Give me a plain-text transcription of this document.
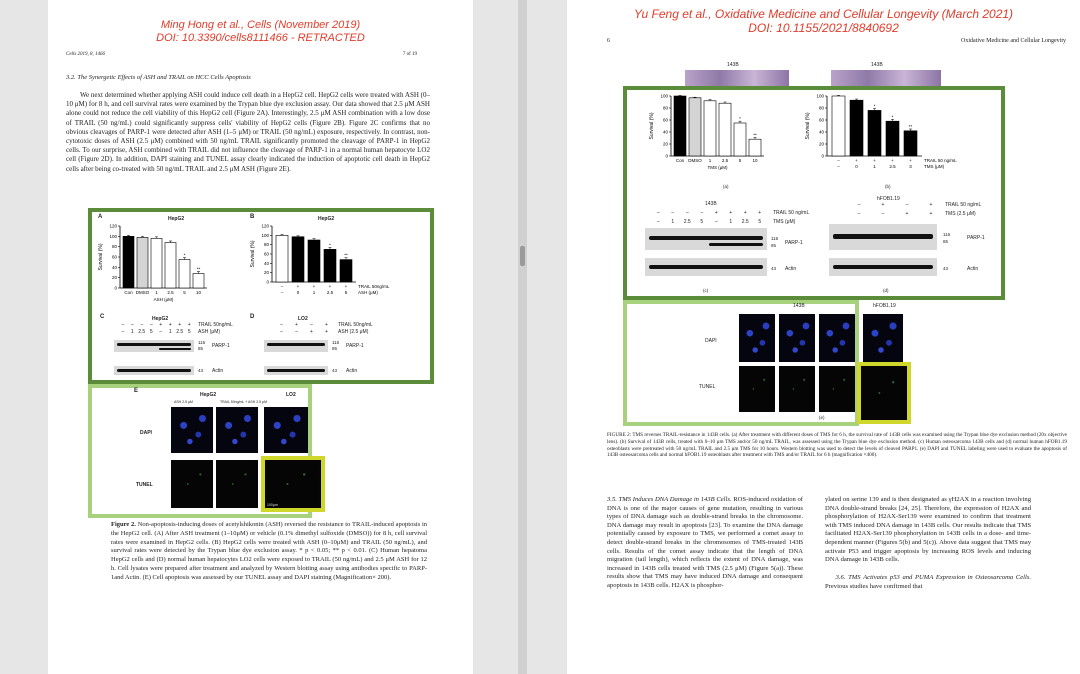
Ming Hong et al., Cells (November 2019)
DOI: 10.3390/cells8111466 - RETRACTED
Cells 2019, 8, 1466	7 of 19
3.2. The Synergetic Effects of ASH and TRAIL on HCC Cells Apoptosis
We next determined whether applying ASH could induce cell death in a HepG2 cell. HepG2 cells were treated with ASH (0–10 μM) for 8 h, and cell survival rates were examined by the Trypan blue dye exclusion assay. Our data showed that 2.5 μM ASH alone could not reduce the cell viability of this HepG2 cell (Figure 2A). Interestingly, 2.5 μM ASH combination with a low dose of TRAIL (50 ng/mL) could significantly suppress cells' viability of HepG2 cells (Figure 2B). Figure 2C confirms that no obvious cleavages of PARP-1 were detected after ASH (1–5 μM) or TRAIL (50 ng/mL) exposure, respectively. In contrast, non-cytotoxic doses of ASH (2.5 μM) combined with 50 ng/mL TRAIL significantly promoted the cleavage of PARP-1 in HepG2 cells. To our surprise, ASH combined with TRAIL did not influence the cleavage of PARP-1 in a normal human hepatocyte LO2 cell (Figure 2D). In addition, DAPI staining and TUNEL assay clearly indicated the induction of apoptotic cell death in HepG2 cells after being co-treated with 50 ng/mL TRAIL and 2.5 μM ASH (Figure 2E).
A	B
HepG2	HepG2
0
20
40
60
80
100
120
Survival (%)
Con DMSO 1 2.5
*
5
**
10
ASH (μM)
0
20
40
60
80
100
120
Survival (%)
–
–
+
0
+
1
*
+
2.5
**
+
5
TRAIL 50ng/mL
ASH (μM)
C	D
HepG2	LO2
TRAIL 50ng/mL
ASH (μM)
–	–	–	–	+	+	+	+
–	1 2.5 5	–	1 2.5 5
116
85 PARP-1
43 Actin
TRAIL 50ng/mL
ASH (2.5 μM)
–	+	–	+
–	–	+	+
116
85 PARP-1
43 Actin
E
HepG2	LO2
ASH 2.5 μM	TRAIL 50ng/mL + ASH 2.5 μM
DAPI
TUNEL
100μm
Figure 2. Non-apoptosis-inducing doses of acetylshikonin (ASH) reversed the resistance to TRAIL-induced apoptosis in the HepG2 cell. (A) After ASH treatment (1–10μM) or vehicle (0.1% dimethyl sulfoxide (DMSO)) for 8 h, cell survival rates were examined in HepG2 cells. (B) HepG2 cells were treated with ASH (0–10μM) and TRAIL (50 ng/mL), and survival rates were detected by the Trypan blue dye exclusion assay. * p < 0.05; ** p < 0.01. (C) Human hepatoma HepG2 cells and (D) normal human hepatocytes LO2 cells were exposed to TRAIL (50 ng/mL) and 2.5 μM ASH for 12 h. Cell lysates were prepared after treatment and analyzed by Western blotting assay using antibodies specific to PARP-1and Actin. (E) Cell apoptosis was assessed by our TUNEL assay and DAPI staining (Magnification× 200).
Yu Feng et al., Oxidative Medicine and Cellular Longevity (March 2021)
DOI: 10.1155/2021/8840692
6	Oxidative Medicine and Cellular Longevity
143B	143B
0
20
40
60
80
100
Survival (%)
Con DMSO 1 2.5
*
5
**
10
TMS (μM)
0
20
40
60
80
100
Survival (%)
–
–
+
0
*
+
1
*
+
2.5
**
+
3
TRAIL 50 ng/mL
TMS (μM)
(a)	(b)
143B
TRAIL 50 ng/mL
TMS (μM)
–	–	–	–	+	+	+	+
–	1	2.5	5	–	1	2.5	5
116
85 PARP-1
43 Actin
(c)
hFOB1.19
TRAIL 50 ng/mL
TMS (2.5 μM)
–	+	–	+
–	–	+	+
116
85
PARP-1
43	Actin
(d)
143B	hFOB1.19
DAPI
TUNEL
(e)
FIGURE 2: TMS reverses TRAIL-resistance in 143B cells. (a) After treatment with different doses of TMS for 6 h, the survival rate of 143B cells was examined using the Trypan blue dye exclusion method (20x objective lens). (b) Survival of 143B cells, treated with 0–10 μm TMS and/or 50 ng/mL TRAIL, was assessed using the Trypan blue dye exclusion method. (c) Human osteosarcoma 143B cells and (d) normal human hFOB1.19 osteoblasts were pretreated with 50 ng/mL TRAIL and 2.5 μm TMS for 10 hours. Western blotting was used to detect the levels of cleaved PARP1. (e) DAPI and TUNEL labeling were used to evaluate the apoptosis of 143B osteosarcoma cells and normal hFOB1.19 osteoblasts after treatment with TMS and/or TRAIL for 6 h (magnification ×400).
3.5. TMS Induces DNA Damage in 143B Cells. ROS-induced oxidation of DNA is one of the major causes of gene mutation, resulting in various types of DNA damage such as double-strand breaks in the chromosome. DNA damage may result in apoptosis [23]. To examine the DNA damage potentially caused by exposure to TMS, we performed a comet assay to detect double-strand breaks in the chromosomes of TMS-treated 143B cells. Results of the comet assay indicate that the length of DNA migration (tail length), which reflects the extent of DNA damage, was increased in 143B cells treated with TMS (2.5 μM) (Figure 5(a)). These results show that TMS may have induced DNA damage and consequent apoptosis in 143B cells. H2AX is phosphor-
ylated on serine 139 and is then designated as γH2AX in a reaction involving DNA double-strand breaks [24, 25]. Therefore, the expression of H2AX and phosphorylation of H2AX-Ser139 were examined to confirm that treatment with TMS induced DNA damage in 143B cells. Our results indicate that TMS facilitated H2AX-Ser139 phosphorylation in 143B cells in a dose- and time-dependent manner (Figures 5(b) and 5(c)). Above data suggest that TMS may activate P53 and trigger apoptosis by increasing ROS levels and inducing DNA damage in 143B cells.

3.6. TMS Activates p53 and PUMA Expression in Osteosarcoma Cells. Previous studies have confirmed that
